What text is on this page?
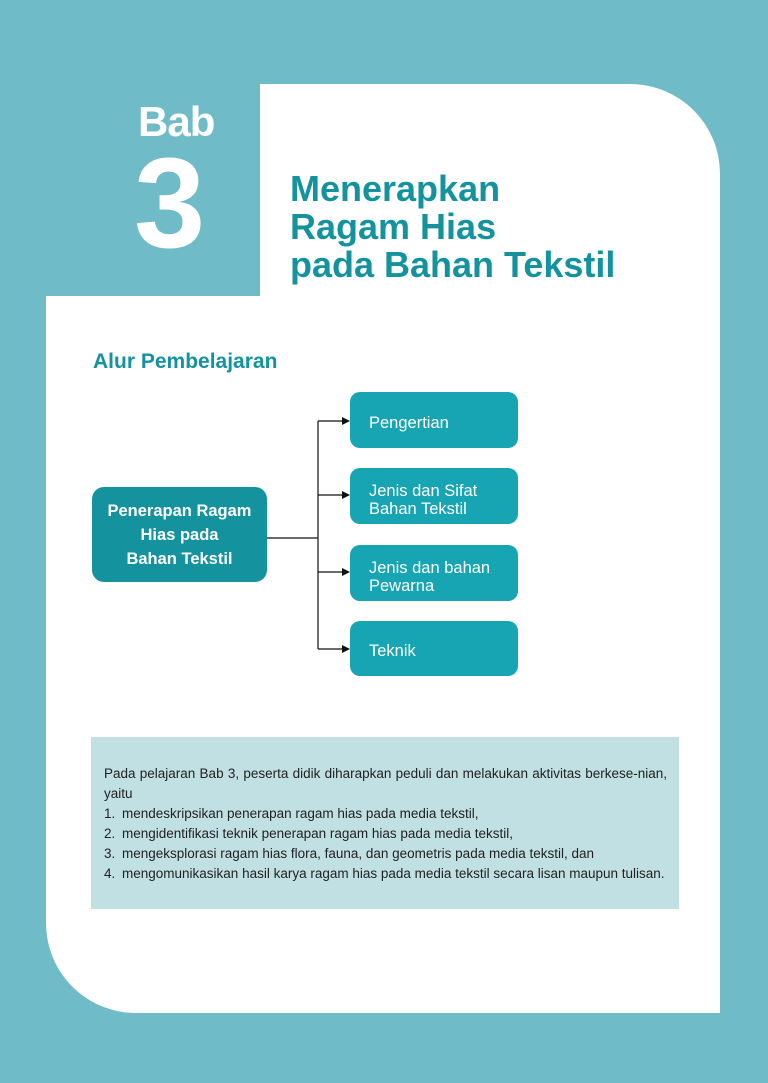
Bab
3 Menerapkan
Ragam Hias
pada Bahan Tekstil
Alur Pembelajaran
Penerapan Ragam
Hias pada
Bahan Tekstil
Pengertian
Jenis dan Sifat
Bahan Tekstil
Jenis dan bahan
Pewarna
Teknik

Pada pelajaran Bab 3, peserta didik diharapkan peduli dan melakukan aktivitas berkese-nian, yaitu

1. mendeskripsikan penerapan ragam hias pada media tekstil,
2. mengidentifikasi teknik penerapan ragam hias pada media tekstil,
3. mengeksplorasi ragam hias flora, fauna, dan geometris pada media tekstil, dan
4. mengomunikasikan hasil karya ragam hias pada media tekstil secara lisan maupun tulisan.
